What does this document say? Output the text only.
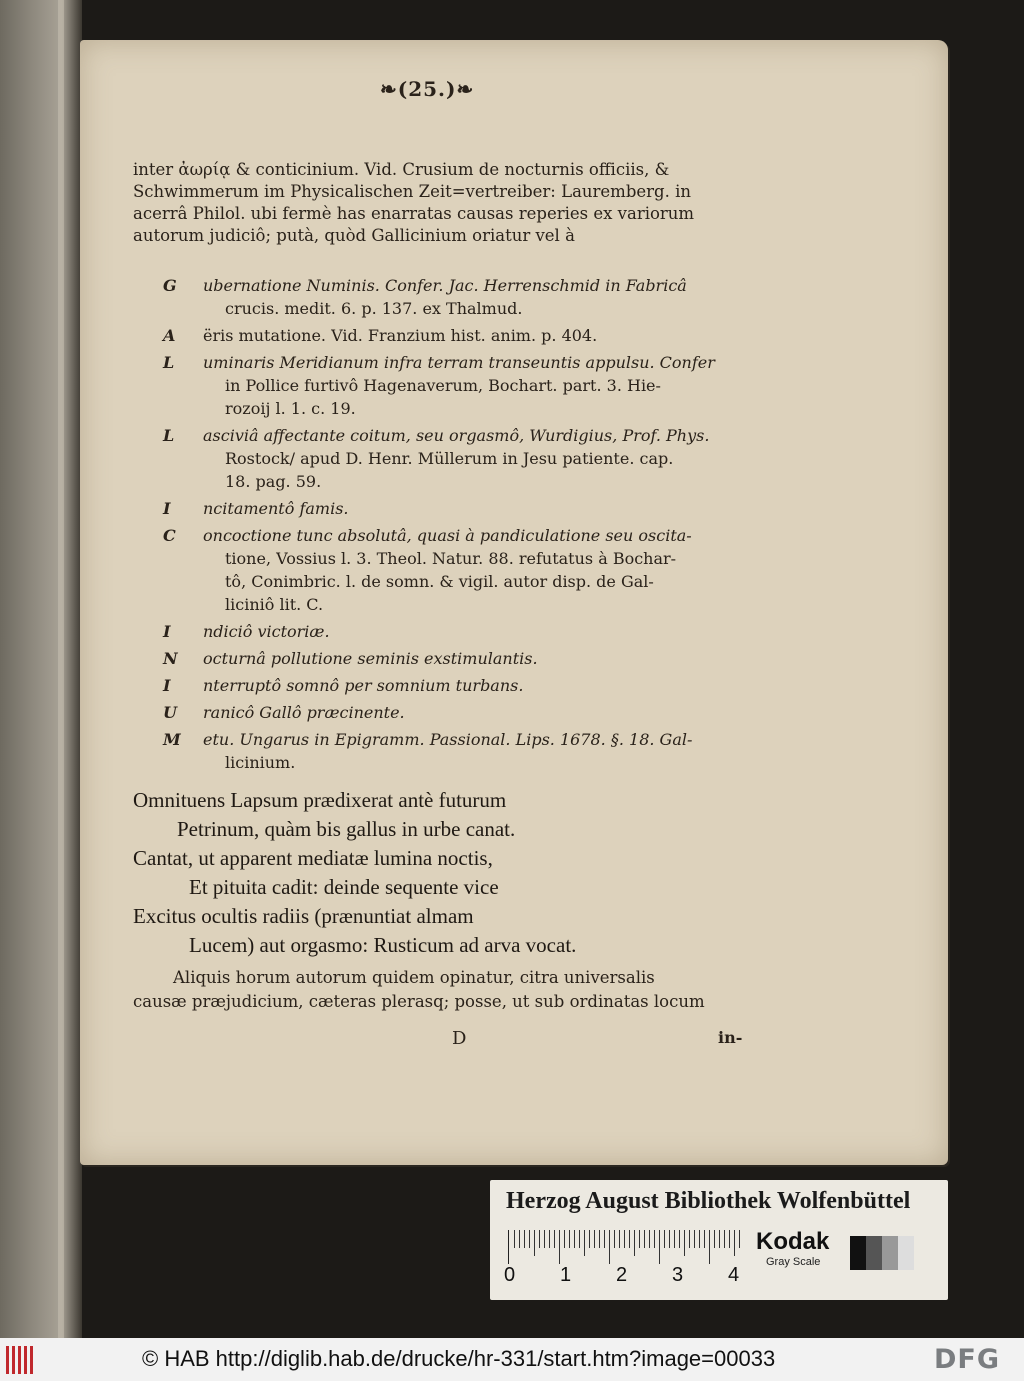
❧(25.)❧
inter ἀωρίᾳ & conticinium. Vid. Crusium de nocturnis officiis, &
Schwimmerum im Physicalischen Zeit=vertreiber: Lauremberg. in
acerrâ Philol. ubi fermè has enarratas causas reperies ex variorum
autorum judiciô; putà, quòd Gallicinium oriatur vel à
G	ubernatione Numinis. Confer. Jac. Herrenschmid in Fabricâ
crucis. medit. 6. p. 137. ex Thalmud.
A	ëris mutatione. Vid. Franzium hist. anim. p. 404.
L	uminaris Meridianum infra terram transeuntis appulsu. Confer
in Pollice furtivô Hagenaverum, Bochart. part. 3. Hie-
rozoij l. 1. c. 19.
L	asciviâ affectante coitum, seu orgasmô, Wurdigius, Prof. Phys.
Rostock/ apud D. Henr. Müllerum in Jesu patiente. cap.
18. pag. 59.
I	ncitamentô famis.
C	oncoctione tunc absolutâ, quasi à pandiculatione seu oscita-
tione, Vossius l. 3. Theol. Natur. 88. refutatus à Bochar-
tô, Conimbric. l. de somn. & vigil. autor disp. de Gal-
liciniô lit. C.
I	ndiciô victoriæ.
N	octurnâ pollutione seminis exstimulantis.
I	nterruptô somnô per somnium turbans.
U	ranicô Gallô præcinente.
M etu. Ungarus in Epigramm. Passional. Lips. 1678. §. 18. Gal-
licinium.
Omnituens Lapsum prædixerat antè futurum
Petrinum, quàm bis gallus in urbe canat.
Cantat, ut apparent mediatæ lumina noctis,
Et pituita cadit: deinde sequente vice
Excitus ocultis radiis (prænuntiat almam
Lucem) aut orgasmo: Rusticum ad arva vocat.
Aliquis horum autorum quidem opinatur, citra universalis
causæ præjudicium, cæteras plerasq; posse, ut sub ordinatas locum
D	in-
Herzog August Bibliothek Wolfenbüttel
0 1 2 3 4
Kodak
Gray Scale
© HAB http://diglib.hab.de/drucke/hr-331/start.htm?image=00033	DFG
